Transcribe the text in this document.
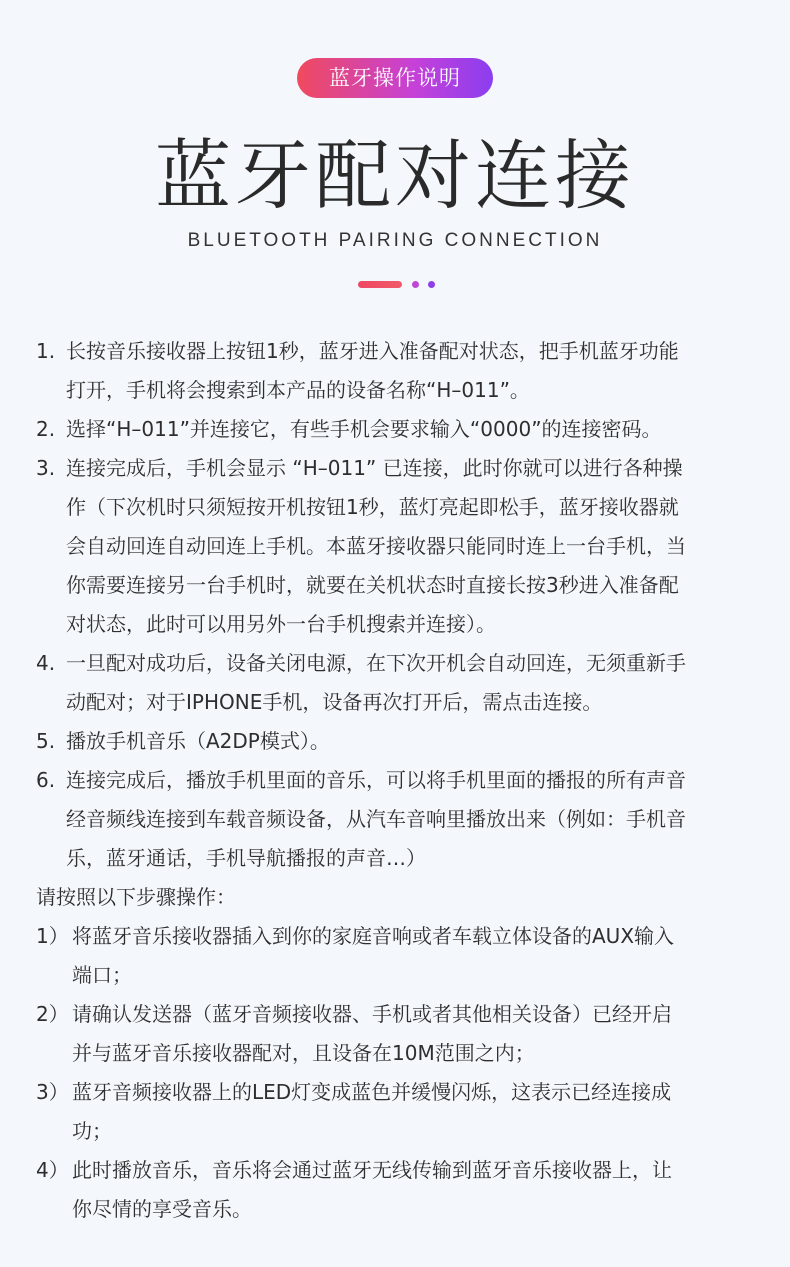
蓝牙操作说明
蓝牙配对连接
BLUETOOTH PAIRING CONNECTION
1. 长按音乐接收器上按钮1秒，蓝牙进入准备配对状态，把手机蓝牙功能
打开，手机将会搜索到本产品的设备名称“H–011”。
2. 选择“H–011”并连接它，有些手机会要求输入“0000”的连接密码。
3. 连接完成后，手机会显示 “H–011” 已连接，此时你就可以进行各种操
作（下次机时只须短按开机按钮1秒，蓝灯亮起即松手，蓝牙接收器就
会自动回连自动回连上手机。本蓝牙接收器只能同时连上一台手机，当
你需要连接另一台手机时，就要在关机状态时直接长按3秒进入准备配
对状态，此时可以用另外一台手机搜索并连接）。
4. 一旦配对成功后，设备关闭电源，在下次开机会自动回连，无须重新手
动配对；对于IPHONE手机，设备再次打开后，需点击连接。
5. 播放手机音乐（A2DP模式）。
6. 连接完成后，播放手机里面的音乐，可以将手机里面的播报的所有声音
经音频线连接到车载音频设备，从汽车音响里播放出来（例如：手机音
乐，蓝牙通话，手机导航播报的声音…）
请按照以下步骤操作：
1） 将蓝牙音乐接收器插入到你的家庭音响或者车载立体设备的AUX输入
端口；
2） 请确认发送器（蓝牙音频接收器、手机或者其他相关设备）已经开启
并与蓝牙音乐接收器配对，且设备在10M范围之内；
3） 蓝牙音频接收器上的LED灯变成蓝色并缓慢闪烁，这表示已经连接成
功；
4） 此时播放音乐，音乐将会通过蓝牙无线传输到蓝牙音乐接收器上，让
你尽情的享受音乐。
